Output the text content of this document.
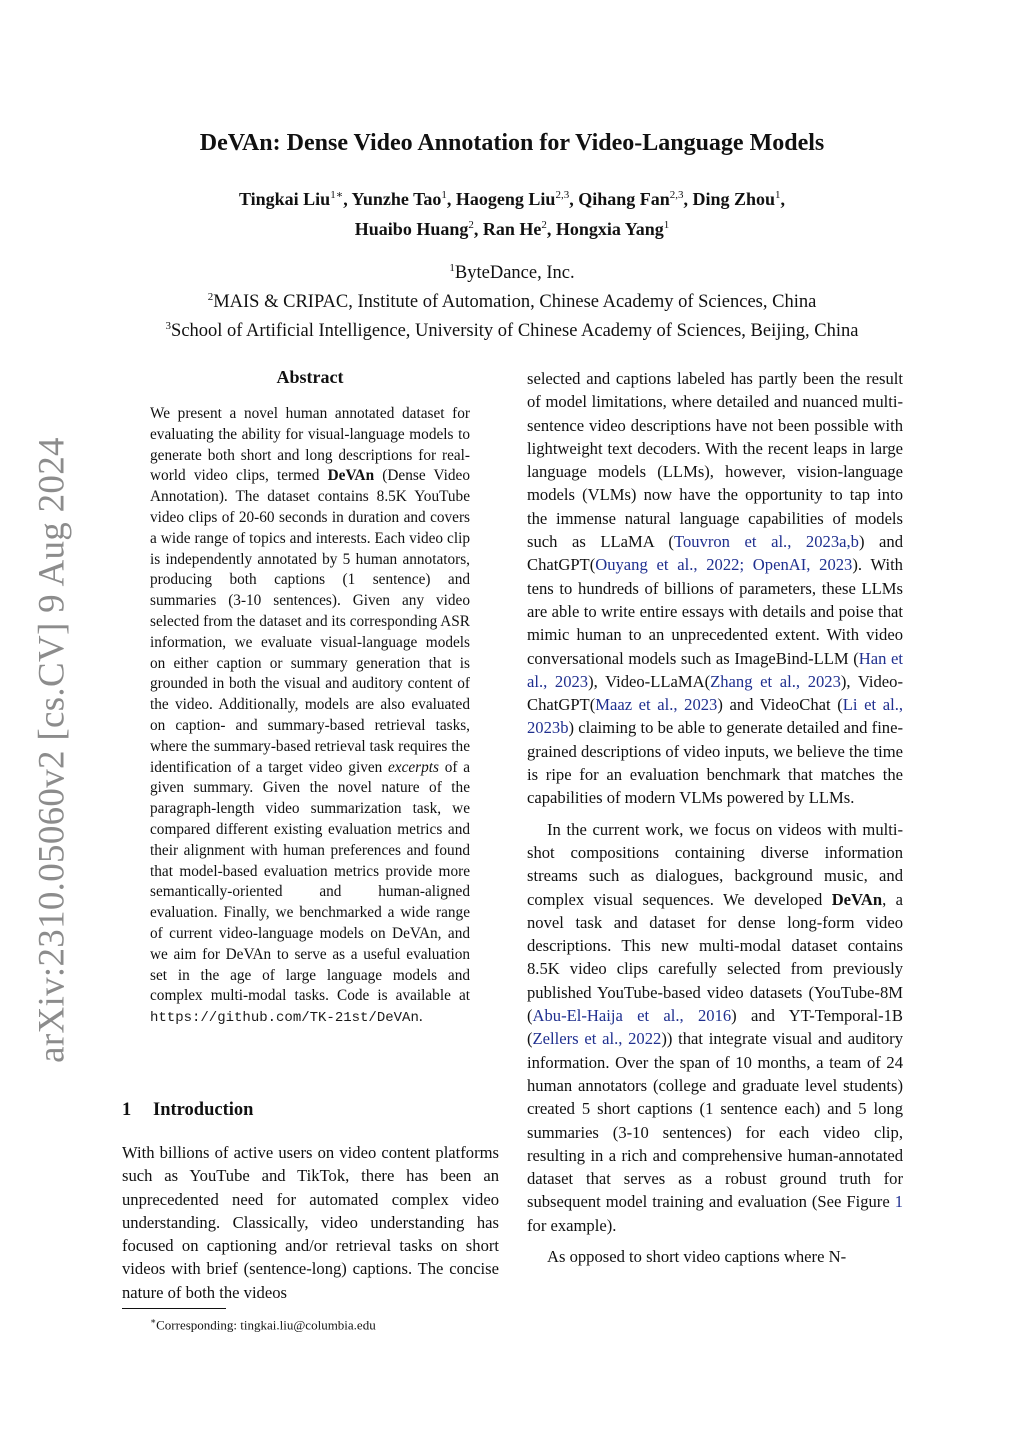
arXiv:2310.05060v2 [cs.CV] 9 Aug 2024
DeVAn: Dense Video Annotation for Video-Language Models
Tingkai Liu$^{1∗}$, Yunzhe Tao$^1$, Haogeng Liu$^{2,3}$, Qihang Fan$^{2,3}$, Ding Zhou$^1$,
Huaibo Huang$^2$, Ran He$^2$, Hongxia Yang$^1$
$^1$ByteDance, Inc.
$^2$MAIS & CRIPAC, Institute of Automation, Chinese Academy of Sciences, China
$^3$School of Artificial Intelligence, University of Chinese Academy of Sciences, Beijing, China
Abstract
We present a novel human annotated dataset for evaluating the ability for visual-language models to generate both short and long descriptions for real-world video clips, termed DeVAn (Dense Video Annotation). The dataset contains 8.5K YouTube video clips of 20-60 seconds in duration and covers a wide range of topics and interests. Each video clip is independently annotated by 5 human annotators, producing both captions (1 sentence) and summaries (3-10 sentences). Given any video selected from the dataset and its corresponding ASR information, we evaluate visual-language models on either caption or summary generation that is grounded in both the visual and auditory content of the video. Additionally, models are also evaluated on caption- and summary-based retrieval tasks, where the summary-based retrieval task requires the identification of a target video given excerpts of a given summary. Given the novel nature of the paragraph-length video summarization task, we compared different existing evaluation metrics and their alignment with human preferences and found that model-based evaluation metrics provide more semantically-oriented and human-aligned evaluation. Finally, we benchmarked a wide range of current video-language models on DeVAn, and we aim for DeVAn to serve as a useful evaluation set in the age of large language models and complex multi-modal tasks. Code is available at https://github.com/TK-21st/DeVAn.
1 Introduction
With billions of active users on video content platforms such as YouTube and TikTok, there has been an unprecedented need for automated complex video understanding. Classically, video understanding has focused on captioning and/or retrieval tasks on short videos with brief (sentence-long) captions. The concise nature of both the videos
∗Corresponding: tingkai.liu@columbia.edu

selected and captions labeled has partly been the result of model limitations, where detailed and nuanced multi-sentence video descriptions have not been possible with lightweight text decoders. With the recent leaps in large language models (LLMs), however, vision-language models (VLMs) now have the opportunity to tap into the immense natural language capabilities of models such as LLaMA (Touvron et al., 2023a,b) and ChatGPT(Ouyang et al., 2022; OpenAI, 2023). With tens to hundreds of billions of parameters, these LLMs are able to write entire essays with details and poise that mimic human to an unprecedented extent. With video conversational models such as ImageBind-LLM (Han et al., 2023), Video-LLaMA(Zhang et al., 2023), Video-ChatGPT(Maaz et al., 2023) and VideoChat (Li et al., 2023b) claiming to be able to generate detailed and fine-grained descriptions of video inputs, we believe the time is ripe for an evaluation benchmark that matches the capabilities of modern VLMs powered by LLMs.

In the current work, we focus on videos with multi-shot compositions containing diverse information streams such as dialogues, background music, and complex visual sequences. We developed DeVAn, a novel task and dataset for dense long-form video descriptions. This new multi-modal dataset contains 8.5K video clips carefully selected from previously published YouTube-based video datasets (YouTube-8M (Abu-El-Haija et al., 2016) and YT-Temporal-1B (Zellers et al., 2022)) that integrate visual and auditory information. Over the span of 10 months, a team of 24 human annotators (college and graduate level students) created 5 short captions (1 sentence each) and 5 long summaries (3-10 sentences) for each video clip, resulting in a rich and comprehensive human-annotated dataset that serves as a robust ground truth for subsequent model training and evaluation (See Figure 1 for example).

As opposed to short video captions where N-
